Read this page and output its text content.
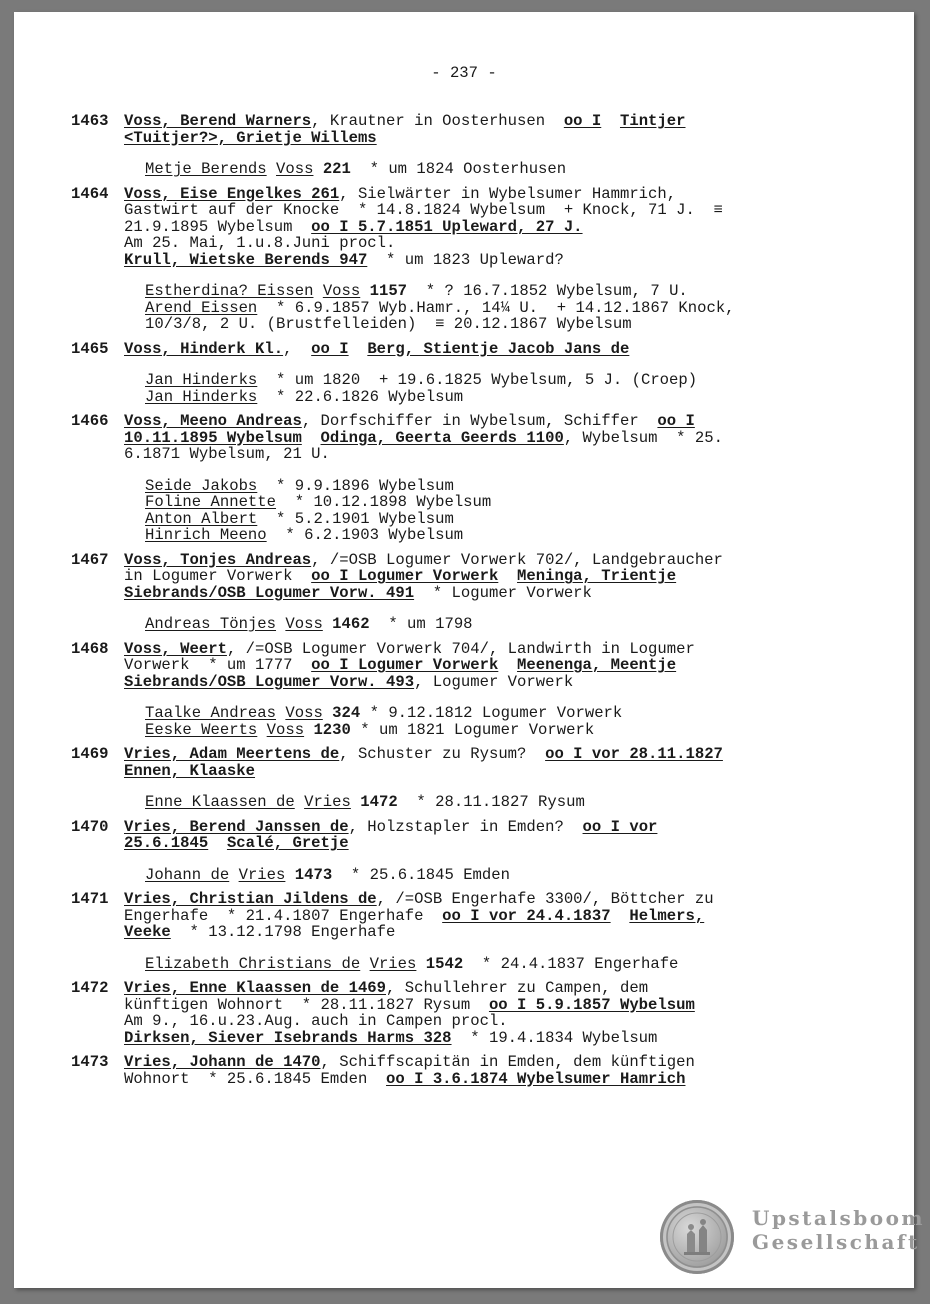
- 237 -
1463 Voss, Berend Warners, Krautner in Oosterhusen  oo I Tintjer
<Tuitjer?>, Grietje Willems
Metje Berends Voss 221  * um 1824 Oosterhusen
1464 Voss, Eise Engelkes 261, Sielwärter in Wybelsumer Hammrich,
Gastwirt auf der Knocke  * 14.8.1824 Wybelsum  + Knock, 71 J.  ≡
21.9.1895 Wybelsum  oo I 5.7.1851 Upleward, 27 J.
Am 25. Mai, 1.u.8.Juni procl.
Krull, Wietske Berends 947  * um 1823 Upleward?
Estherdina? Eissen Voss 1157  * ? 16.7.1852 Wybelsum, 7 U.
Arend Eissen  * 6.9.1857 Wyb.Hamr., 14¼ U.  + 14.12.1867 Knock,
10/3/8, 2 U. (Brustfelleiden)  ≡ 20.12.1867 Wybelsum
1465 Voss, Hinderk Kl.,  oo I Berg, Stientje Jacob Jans de
Jan Hinderks  * um 1820  + 19.6.1825 Wybelsum, 5 J. (Croep)
Jan Hinderks  * 22.6.1826 Wybelsum
1466 Voss, Meeno Andreas, Dorfschiffer in Wybelsum, Schiffer  oo I
10.11.1895 Wybelsum Odinga, Geerta Geerds 1100, Wybelsum  * 25.
6.1871 Wybelsum, 21 U.
Seide Jakobs  * 9.9.1896 Wybelsum
Foline Annette  * 10.12.1898 Wybelsum
Anton Albert  * 5.2.1901 Wybelsum
Hinrich Meeno  * 6.2.1903 Wybelsum
1467 Voss, Tonjes Andreas, /=OSB Logumer Vorwerk 702/, Landgebraucher
in Logumer Vorwerk  oo I Logumer Vorwerk Meninga, Trientje
Siebrands/OSB Logumer Vorw. 491  * Logumer Vorwerk
Andreas Tönjes Voss 1462  * um 1798
1468 Voss, Weert, /=OSB Logumer Vorwerk 704/, Landwirth in Logumer
Vorwerk  * um 1777  oo I Logumer Vorwerk Meenenga, Meentje
Siebrands/OSB Logumer Vorw. 493, Logumer Vorwerk
Taalke Andreas Voss 324 * 9.12.1812 Logumer Vorwerk
Eeske Weerts Voss 1230 * um 1821 Logumer Vorwerk
1469 Vries, Adam Meertens de, Schuster zu Rysum?  oo I vor 28.11.1827
Ennen, Klaaske
Enne Klaassen de Vries 1472  * 28.11.1827 Rysum
1470 Vries, Berend Janssen de, Holzstapler in Emden?  oo I vor
25.6.1845 Scalé, Gretje
Johann de Vries 1473  * 25.6.1845 Emden
1471 Vries, Christian Jildens de, /=OSB Engerhafe 3300/, Böttcher zu
Engerhafe  * 21.4.1807 Engerhafe  oo I vor 24.4.1837 Helmers,
Veeke  * 13.12.1798 Engerhafe
Elizabeth Christians de Vries 1542  * 24.4.1837 Engerhafe
1472 Vries, Enne Klaassen de 1469, Schullehrer zu Campen, dem
künftigen Wohnort  * 28.11.1827 Rysum  oo I 5.9.1857 Wybelsum
Am 9., 16.u.23.Aug. auch in Campen procl.
Dirksen, Siever Isebrands Harms 328  * 19.4.1834 Wybelsum
1473 Vries, Johann de 1470, Schiffscapitän in Emden, dem künftigen
Wohnort  * 25.6.1845 Emden  oo I 3.6.1874 Wybelsumer Hamrich
Upstalsboom
Gesellschaft
